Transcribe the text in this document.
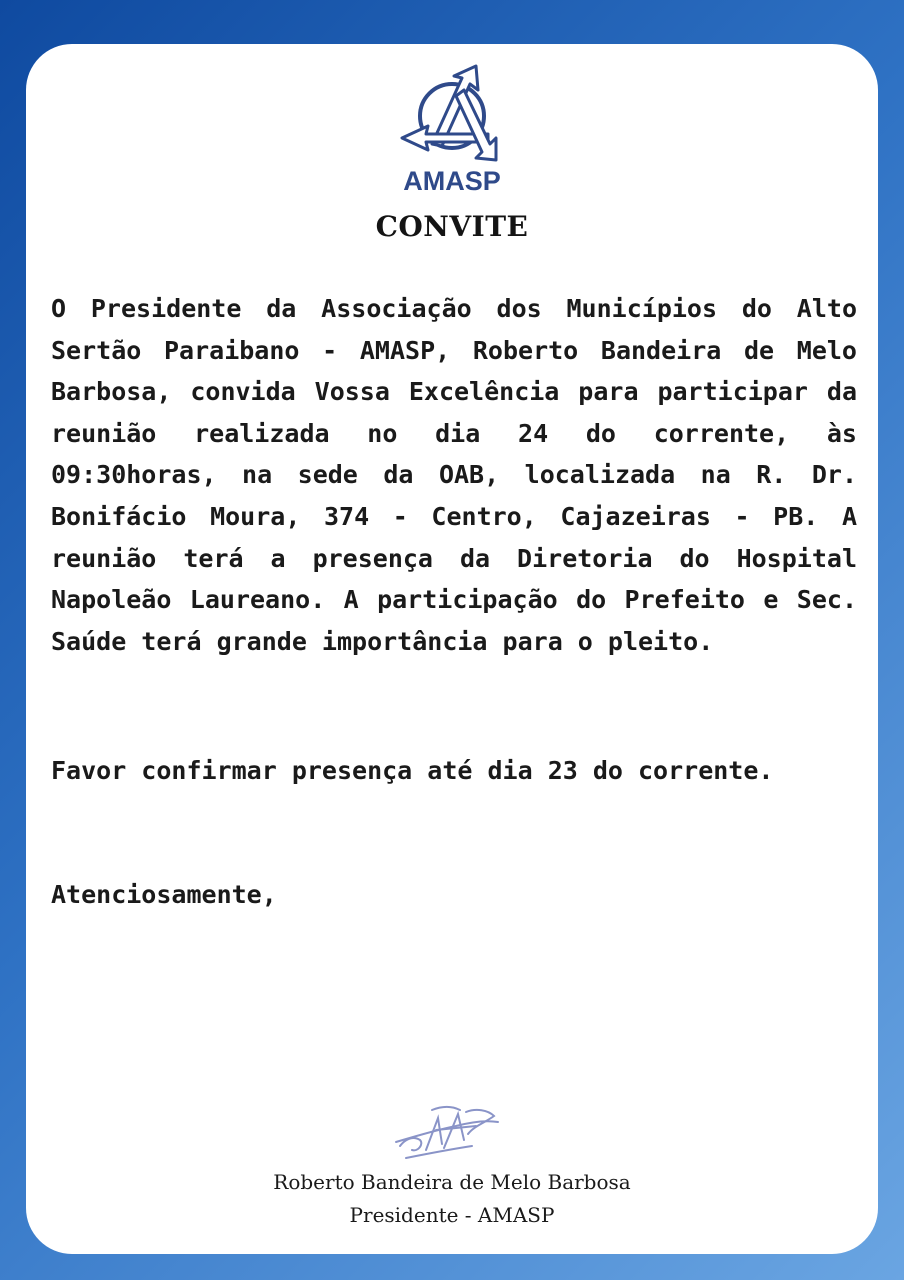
AMASP
CONVITE

O Presidente da Associação dos Municípios do Alto Sertão Paraibano - AMASP, Roberto Bandeira de Melo Barbosa, convida Vossa Excelência para participar da reunião realizada no dia 24 do corrente, às 09:30horas, na sede da OAB, localizada na R. Dr. Bonifácio Moura, 374 - Centro, Cajazeiras - PB. A reunião terá a presença da Diretoria do Hospital Napoleão Laureano. A participação do Prefeito e Sec. Saúde terá grande importância para o pleito.

Favor confirmar presença até dia 23 do corrente.

Atenciosamente,

Roberto Bandeira de Melo Barbosa
Presidente - AMASP
